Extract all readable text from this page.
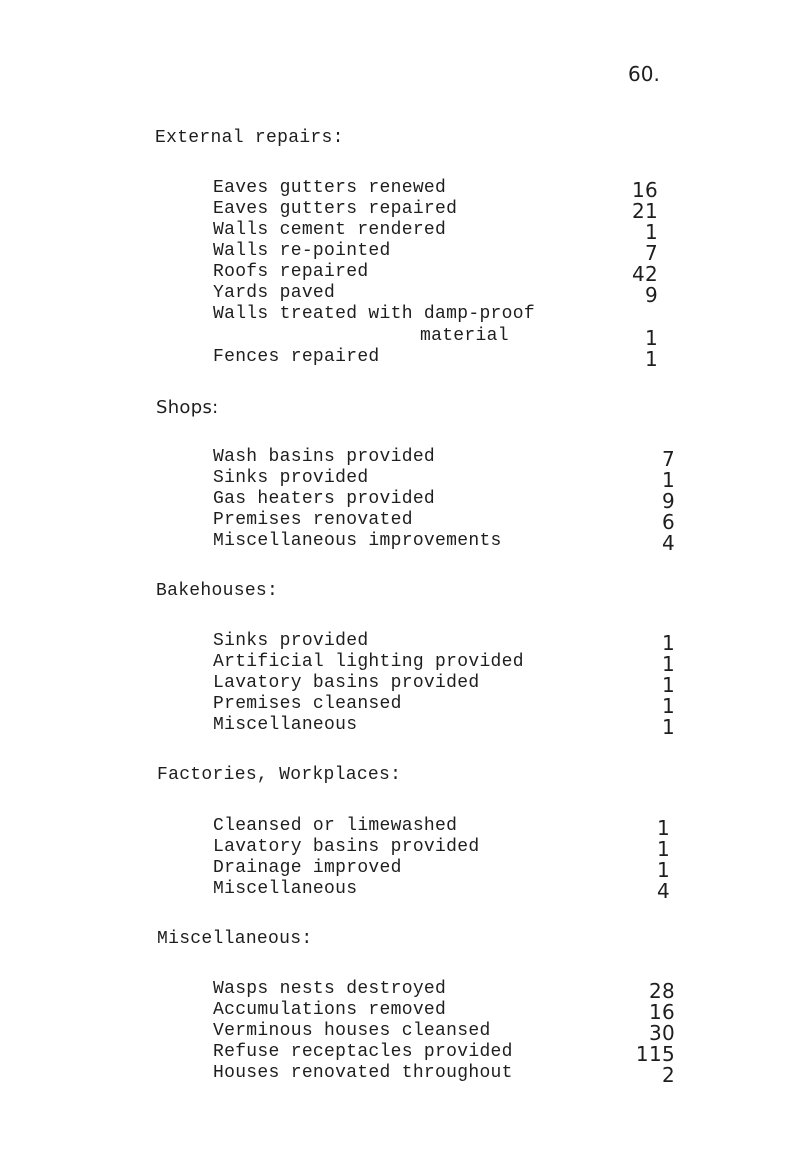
60.
External repairs:
Eaves gutters renewed	16
Eaves gutters repaired	21
Walls cement rendered	1
Walls re-pointed	7
Roofs repaired	42
Yards paved	9
Walls treated with damp-proof
material	1
Fences repaired	1
Shops:
Wash basins provided	7
Sinks provided	1
Gas heaters provided	9
Premises renovated	6
Miscellaneous improvements	4
Bakehouses:
Sinks provided	1
Artificial lighting provided	1
Lavatory basins provided	1
Premises cleansed	1
Miscellaneous	1
Factories, Workplaces:
Cleansed or limewashed	1
Lavatory basins provided	1
Drainage improved	1
Miscellaneous	4
Miscellaneous:
Wasps nests destroyed	28
Accumulations removed	16
Verminous houses cleansed	30
Refuse receptacles provided	115
Houses renovated throughout	2
